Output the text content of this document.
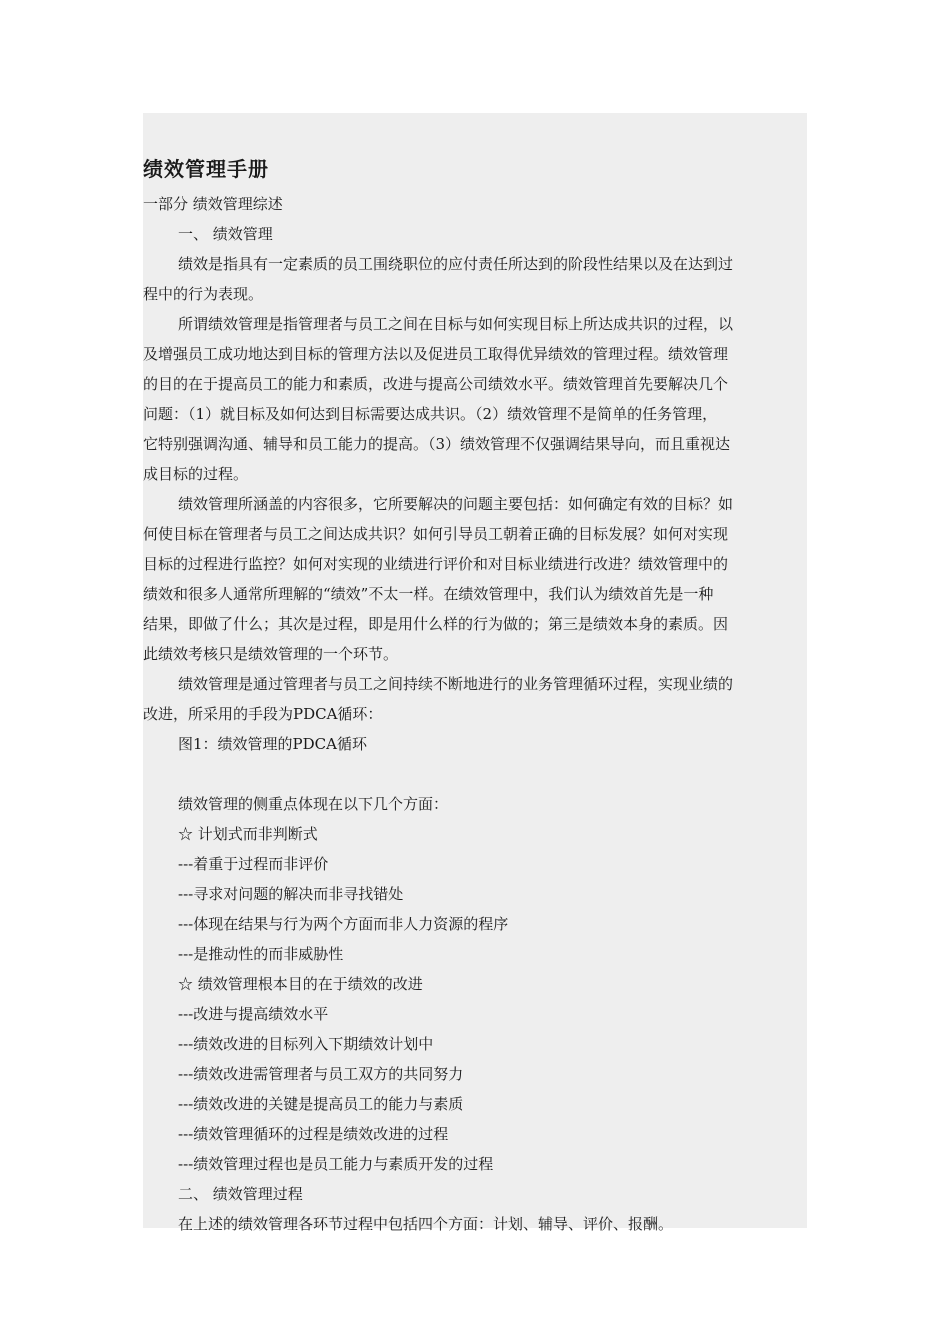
绩效管理手册
一部分 绩效管理综述
一、 绩效管理
绩效是指具有一定素质的员工围绕职位的应付责任所达到的阶段性结果以及在达到过
程中的行为表现。
所谓绩效管理是指管理者与员工之间在目标与如何实现目标上所达成共识的过程，以
及增强员工成功地达到目标的管理方法以及促进员工取得优异绩效的管理过程。绩效管理
的目的在于提高员工的能力和素质，改进与提高公司绩效水平。绩效管理首先要解决几个
问题：（1）就目标及如何达到目标需要达成共识。（2）绩效管理不是简单的任务管理，
它特别强调沟通、辅导和员工能力的提高。（3）绩效管理不仅强调结果导向，而且重视达
成目标的过程。
绩效管理所涵盖的内容很多，它所要解决的问题主要包括：如何确定有效的目标？如
何使目标在管理者与员工之间达成共识？如何引导员工朝着正确的目标发展？如何对实现
目标的过程进行监控？如何对实现的业绩进行评价和对目标业绩进行改进？绩效管理中的
绩效和很多人通常所理解的“绩效”不太一样。在绩效管理中，我们认为绩效首先是一种
结果，即做了什么；其次是过程，即是用什么样的行为做的；第三是绩效本身的素质。因
此绩效考核只是绩效管理的一个环节。
绩效管理是通过管理者与员工之间持续不断地进行的业务管理循环过程，实现业绩的
改进，所采用的手段为PDCA循环：
图1：绩效管理的PDCA循环
绩效管理的侧重点体现在以下几个方面：
☆ 计划式而非判断式
---着重于过程而非评价
---寻求对问题的解决而非寻找错处
---体现在结果与行为两个方面而非人力资源的程序
---是推动性的而非威胁性
☆ 绩效管理根本目的在于绩效的改进
---改进与提高绩效水平
---绩效改进的目标列入下期绩效计划中
---绩效改进需管理者与员工双方的共同努力
---绩效改进的关键是提高员工的能力与素质
---绩效管理循环的过程是绩效改进的过程
---绩效管理过程也是员工能力与素质开发的过程
二、 绩效管理过程
在上述的绩效管理各环节过程中包括四个方面：计划、辅导、评价、报酬。
